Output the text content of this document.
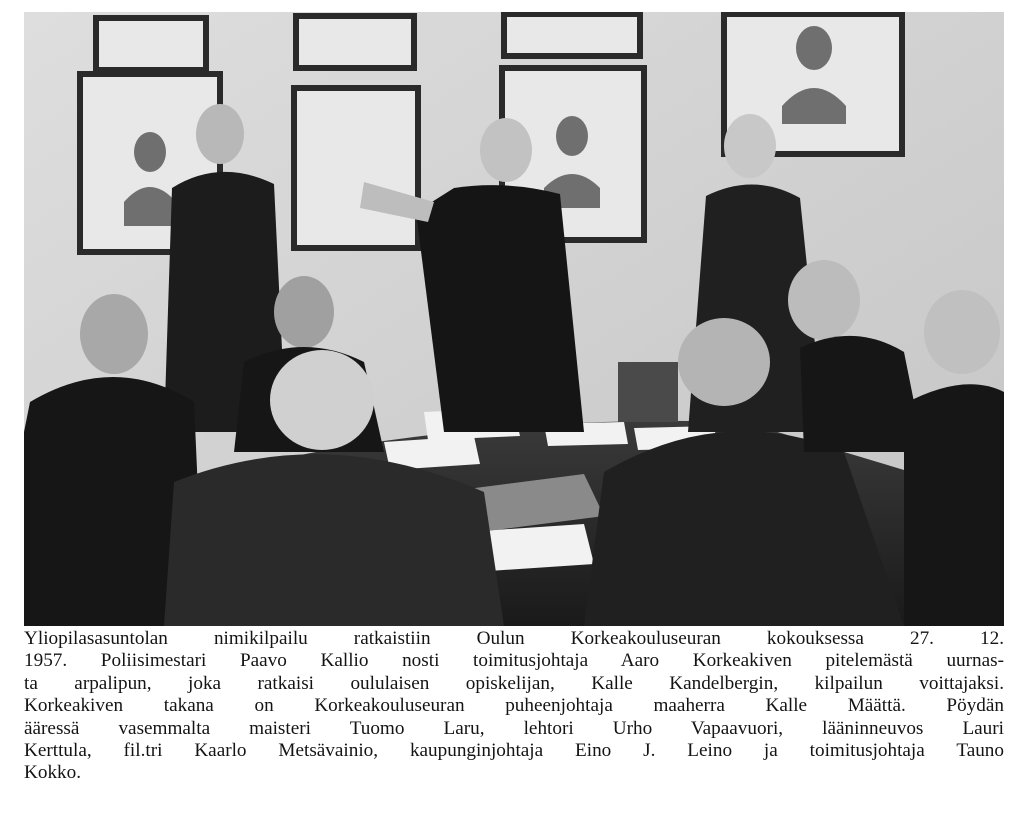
Yliopilasasuntolan nimikilpailu ratkaistiin Oulun Korkeakouluseuran kokouksessa 27. 12.
1957. Poliisimestari Paavo Kallio nosti toimitusjohtaja Aaro Korkeakiven pitelemästä uurnas-
ta arpalipun, joka ratkaisi oululaisen opiskelijan, Kalle Kandelbergin, kilpailun voittajaksi.
Korkeakiven takana on Korkeakouluseuran puheenjohtaja maaherra Kalle Määttä. Pöydän
ääressä vasemmalta maisteri Tuomo Laru, lehtori Urho Vapaavuori, lääninneuvos Lauri
Kerttula, fil.tri Kaarlo Metsävainio, kaupunginjohtaja Eino J. Leino ja toimitusjohtaja Tauno
Kokko.
